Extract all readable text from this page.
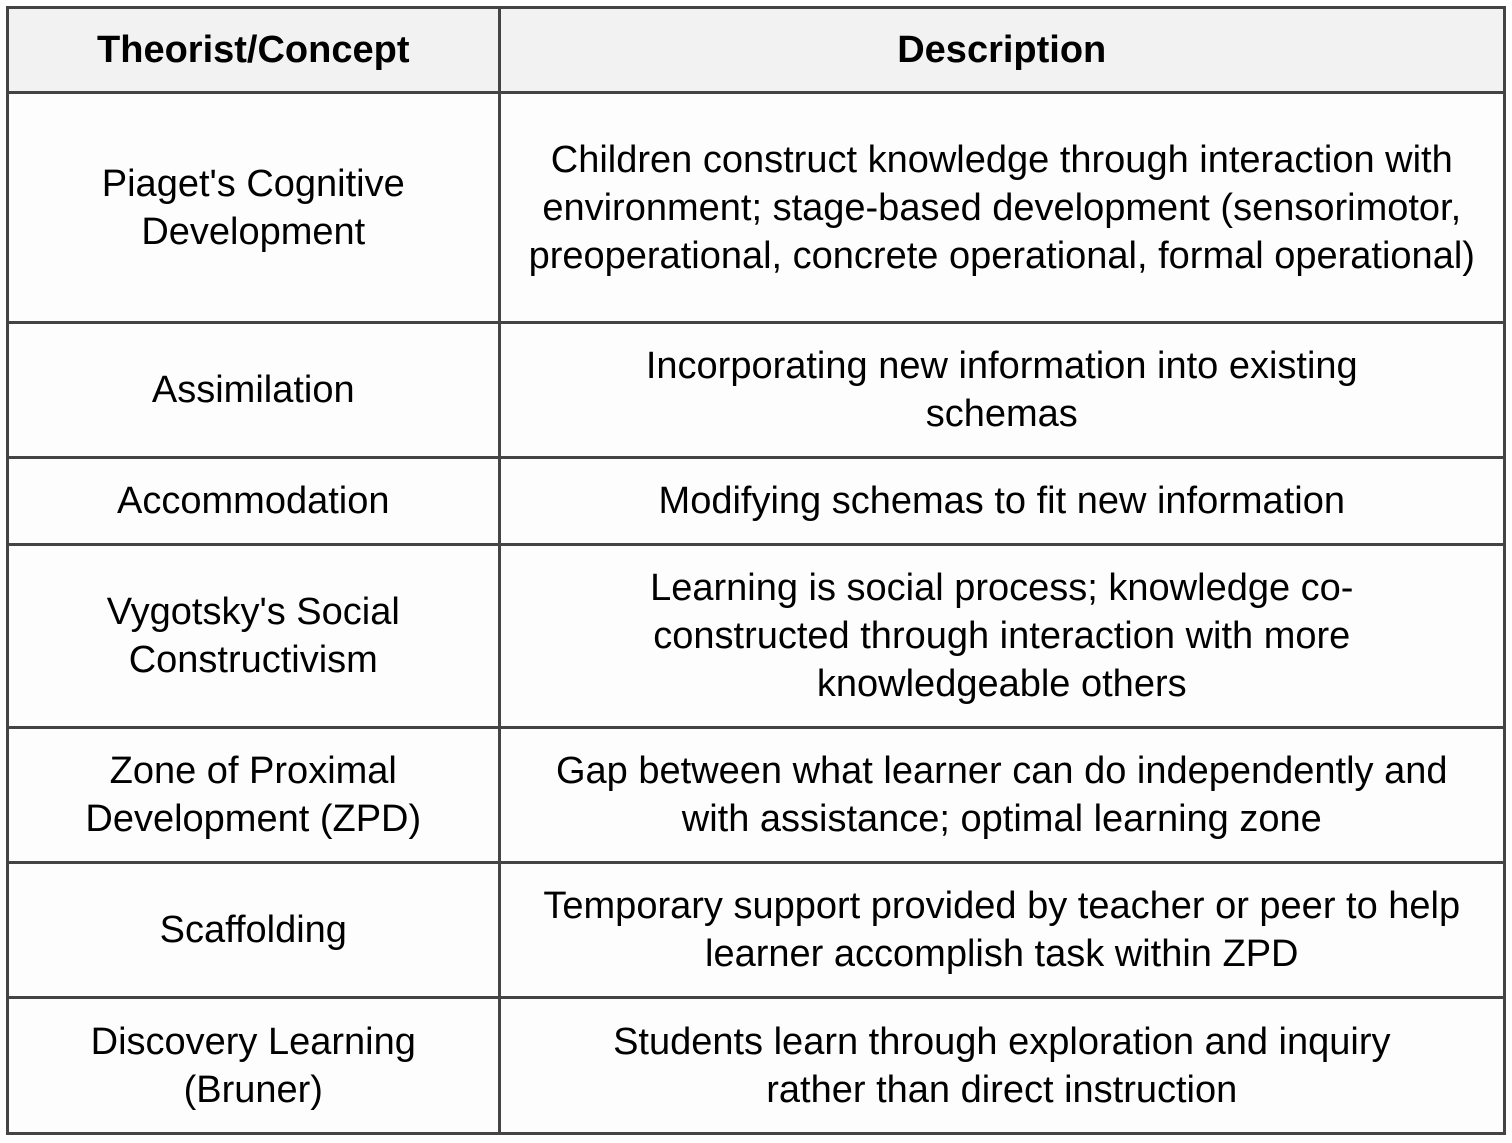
Theorist/Concept	Description
Piaget's Cognitive Development	Children construct knowledge through interaction with environment; stage-based development (sensorimotor, preoperational, concrete operational, formal operational)
Assimilation	Incorporating new information into existing schemas
Accommodation	Modifying schemas to fit new information
Vygotsky's Social Constructivism	Learning is social process; knowledge co-constructed through interaction with more knowledgeable others
Zone of Proximal Development (ZPD)	Gap between what learner can do independently and with assistance; optimal learning zone
Scaffolding	Temporary support provided by teacher or peer to help learner accomplish task within ZPD
Discovery Learning (Bruner)	Students learn through exploration and inquiry rather than direct instruction
